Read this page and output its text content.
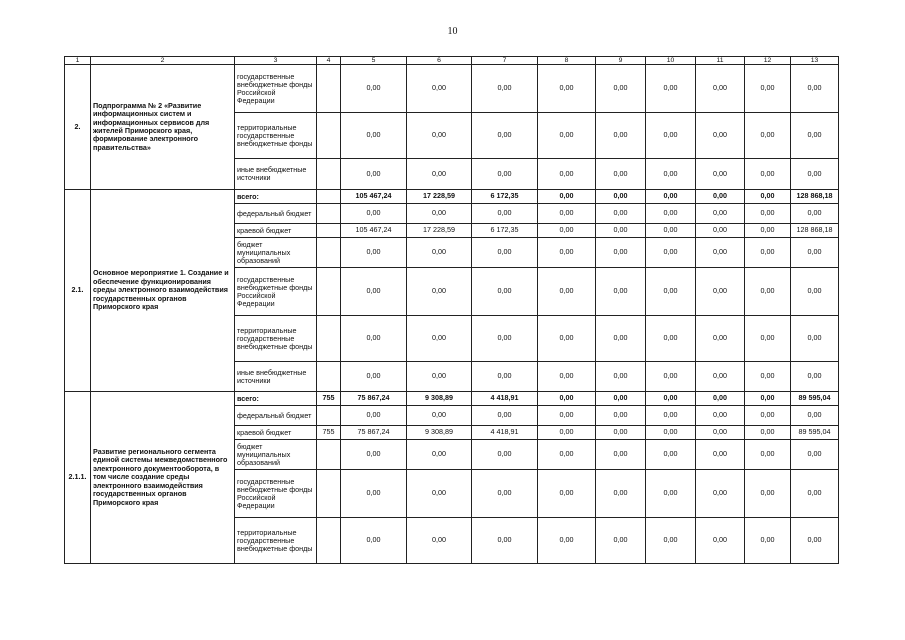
10
1	2	3	4	5	6	7	8	9	10	11	12	13
2.	Подпрограмма № 2 «Развитие информационных систем и информационных сервисов для жителей Приморского края, формирование электронного правительства»	государственные внебюджетные фонды Российской Федерации		0,00	0,00	0,00	0,00	0,00	0,00	0,00	0,00	0,00
		территориальные государственные внебюджетные фонды		0,00	0,00	0,00	0,00	0,00	0,00	0,00	0,00	0,00
		иные внебюджетные источники		0,00	0,00	0,00	0,00	0,00	0,00	0,00	0,00	0,00
2.1.	Основное мероприятие 1. Создание и обеспечение функционирования среды электронного взаимодействия государственных органов Приморского края	всего:		105 467,24	17 228,59	6 172,35	0,00	0,00	0,00	0,00	0,00	128 868,18
		федеральный бюджет		0,00	0,00	0,00	0,00	0,00	0,00	0,00	0,00	0,00
		краевой бюджет		105 467,24	17 228,59	6 172,35	0,00	0,00	0,00	0,00	0,00	128 868,18
		бюджет муниципальных образований		0,00	0,00	0,00	0,00	0,00	0,00	0,00	0,00	0,00
		государственные внебюджетные фонды Российской Федерации		0,00	0,00	0,00	0,00	0,00	0,00	0,00	0,00	0,00
		территориальные государственные внебюджетные фонды		0,00	0,00	0,00	0,00	0,00	0,00	0,00	0,00	0,00
		иные внебюджетные источники		0,00	0,00	0,00	0,00	0,00	0,00	0,00	0,00	0,00
2.1.1.	Развитие регионального сегмента единой системы межведомственного электронного документооборота, в том числе создание среды электронного взаимодействия государственных органов Приморского края	всего:	755	75 867,24	9 308,89	4 418,91	0,00	0,00	0,00	0,00	0,00	89 595,04
		федеральный бюджет		0,00	0,00	0,00	0,00	0,00	0,00	0,00	0,00	0,00
		краевой бюджет	755	75 867,24	9 308,89	4 418,91	0,00	0,00	0,00	0,00	0,00	89 595,04
		бюджет муниципальных образований		0,00	0,00	0,00	0,00	0,00	0,00	0,00	0,00	0,00
		государственные внебюджетные фонды Российской Федерации		0,00	0,00	0,00	0,00	0,00	0,00	0,00	0,00	0,00
		территориальные государственные внебюджетные фонды		0,00	0,00	0,00	0,00	0,00	0,00	0,00	0,00	0,00
